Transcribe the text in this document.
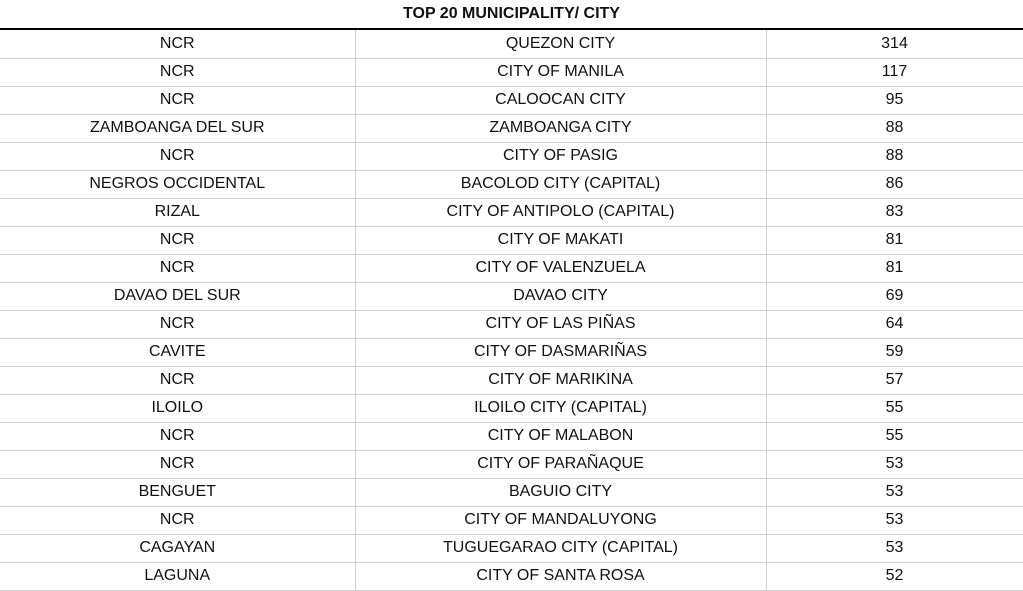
TOP 20 MUNICIPALITY/ CITY
NCR	QUEZON CITY	314
NCR	CITY OF MANILA	117
NCR	CALOOCAN CITY	95
ZAMBOANGA DEL SUR	ZAMBOANGA CITY	88
NCR	CITY OF PASIG	88
NEGROS OCCIDENTAL	BACOLOD CITY (CAPITAL)	86
RIZAL	CITY OF ANTIPOLO (CAPITAL)	83
NCR	CITY OF MAKATI	81
NCR	CITY OF VALENZUELA	81
DAVAO DEL SUR	DAVAO CITY	69
NCR	CITY OF LAS PIÑAS	64
CAVITE	CITY OF DASMARIÑAS	59
NCR	CITY OF MARIKINA	57
ILOILO	ILOILO CITY (CAPITAL)	55
NCR	CITY OF MALABON	55
NCR	CITY OF PARAÑAQUE	53
BENGUET	BAGUIO CITY	53
NCR	CITY OF MANDALUYONG	53
CAGAYAN	TUGUEGARAO CITY (CAPITAL)	53
LAGUNA	CITY OF SANTA ROSA	52
